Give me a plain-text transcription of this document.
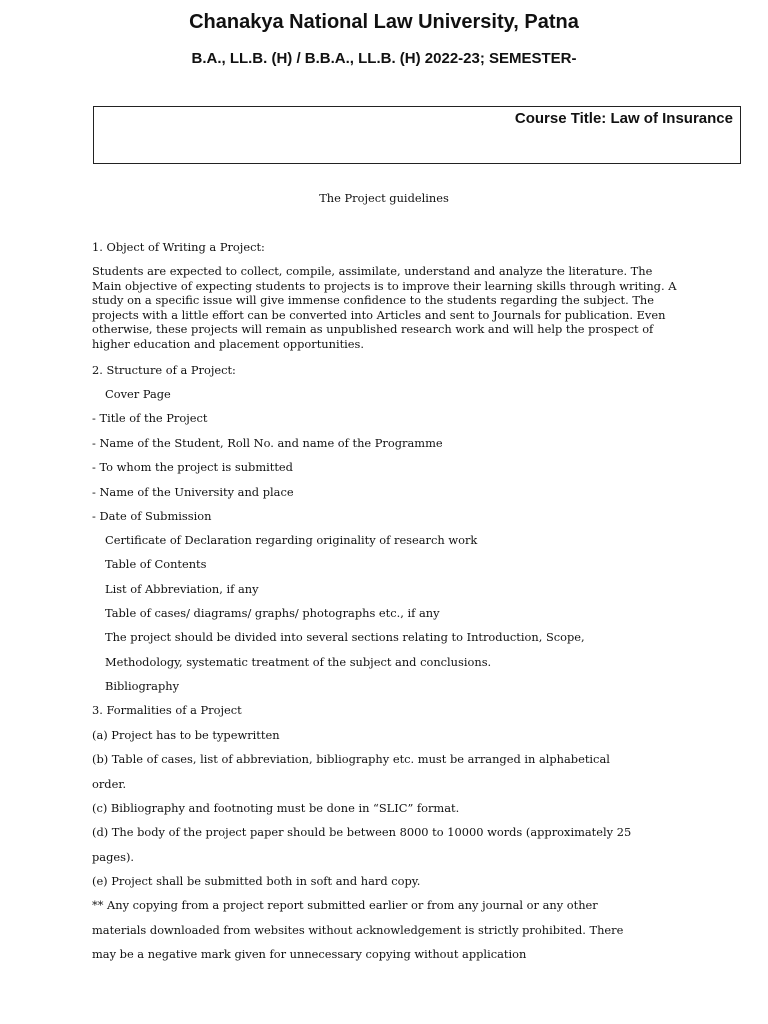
Chanakya National Law University, Patna
B.A., LL.B. (H) / B.B.A., LL.B. (H) 2022-23; SEMESTER-
Course Title: Law of Insurance
The Project guidelines
1. Object of Writing a Project:

Students are expected to collect, compile, assimilate, understand and analyze the literature. The Main objective of expecting students to projects is to improve their learning skills through writing. A study on a specific issue will give immense confidence to the students regarding the subject. The projects with a little effort can be converted into Articles and sent to Journals for publication. Even otherwise, these projects will remain as unpublished research work and will help the prospect of higher education and placement opportunities.

2. Structure of a Project:
Cover Page
- Title of the Project
- Name of the Student, Roll No. and name of the Programme
- To whom the project is submitted
- Name of the University and place
- Date of Submission
Certificate of Declaration regarding originality of research work
Table of Contents
List of Abbreviation, if any
Table of cases/ diagrams/ graphs/ photographs etc., if any
The project should be divided into several sections relating to Introduction, Scope,
Methodology, systematic treatment of the subject and conclusions.
Bibliography
3. Formalities of a Project
(a) Project has to be typewritten
(b) Table of cases, list of abbreviation, bibliography etc. must be arranged in alphabetical
order.
(c) Bibliography and footnoting must be done in “SLIC” format.
(d) The body of the project paper should be between 8000 to 10000 words (approximately 25
pages).
(e) Project shall be submitted both in soft and hard copy.
** Any copying from a project report submitted earlier or from any journal or any other
materials downloaded from websites without acknowledgement is strictly prohibited. There
may be a negative mark given for unnecessary copying without application
